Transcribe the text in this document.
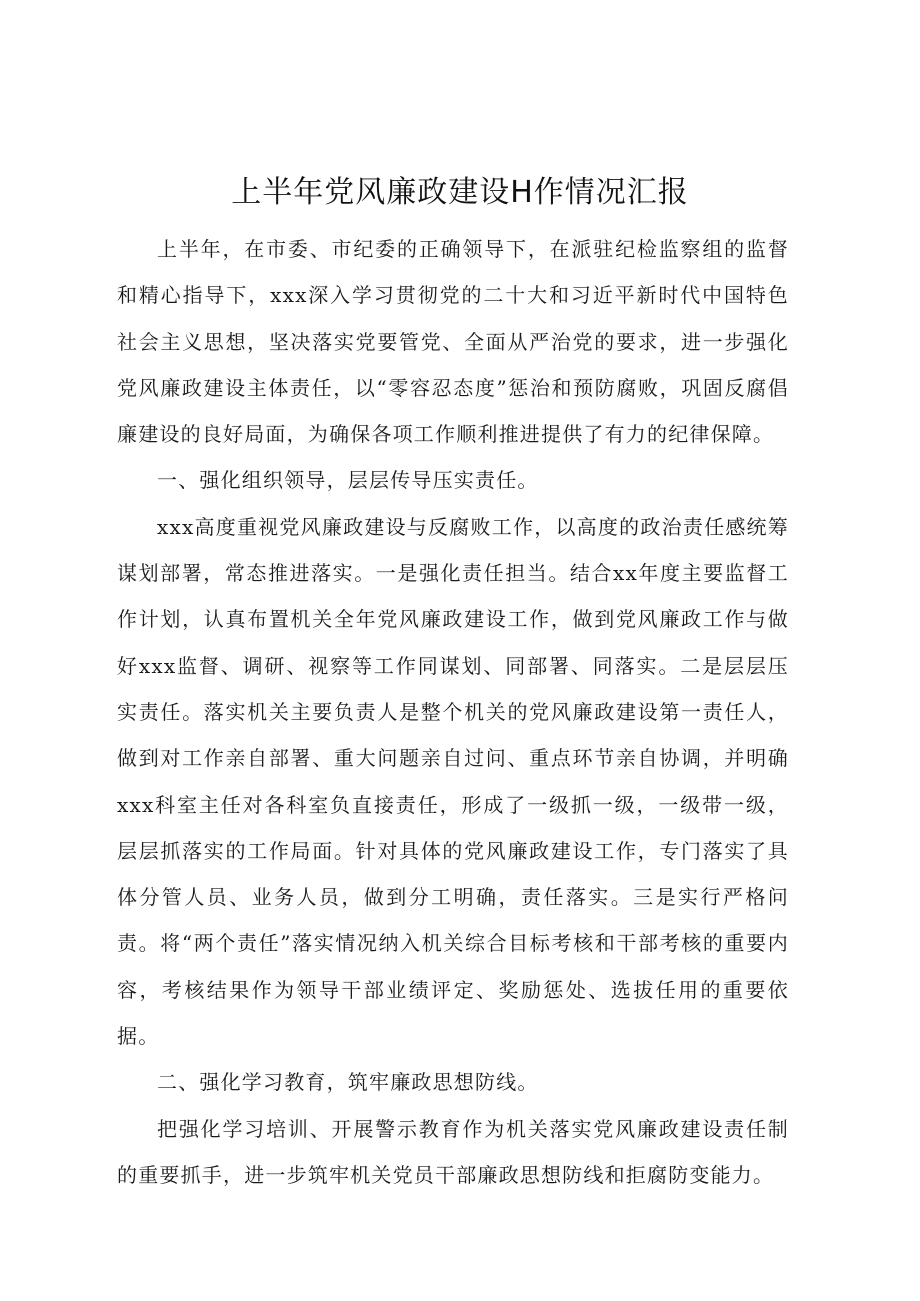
上半年党风廉政建设H作情况汇报

上半年，在市委、市纪委的正确领导下，在派驻纪检监察组的监督和精心指导下，xxx深入学习贯彻党的二十大和习近平新时代中国特色社会主义思想，坚决落实党要管党、全面从严治党的要求，进一步强化党风廉政建设主体责任，以“零容忍态度”惩治和预防腐败，巩固反腐倡廉建设的良好局面，为确保各项工作顺利推进提供了有力的纪律保障。

一、强化组织领导，层层传导压实责任。

xxx高度重视党风廉政建设与反腐败工作，以高度的政治责任感统筹谋划部署，常态推进落实。一是强化责任担当。结合xx年度主要监督工作计划，认真布置机关全年党风廉政建设工作，做到党风廉政工作与做好xxx监督、调研、视察等工作同谋划、同部署、同落实。二是层层压实责任。落实机关主要负责人是整个机关的党风廉政建设第一责任人，做到对工作亲自部署、重大问题亲自过问、重点环节亲自协调，并明确xxx科室主任对各科室负直接责任，形成了一级抓一级，一级带一级，层层抓落实的工作局面。针对具体的党风廉政建设工作，专门落实了具体分管人员、业务人员，做到分工明确，责任落实。三是实行严格问责。将“两个责任”落实情况纳入机关综合目标考核和干部考核的重要内容，考核结果作为领导干部业绩评定、奖励惩处、选拔任用的重要依据。

二、强化学习教育，筑牢廉政思想防线。

把强化学习培训、开展警示教育作为机关落实党风廉政建设责任制的重要抓手，进一步筑牢机关党员干部廉政思想防线和拒腐防变能力。
